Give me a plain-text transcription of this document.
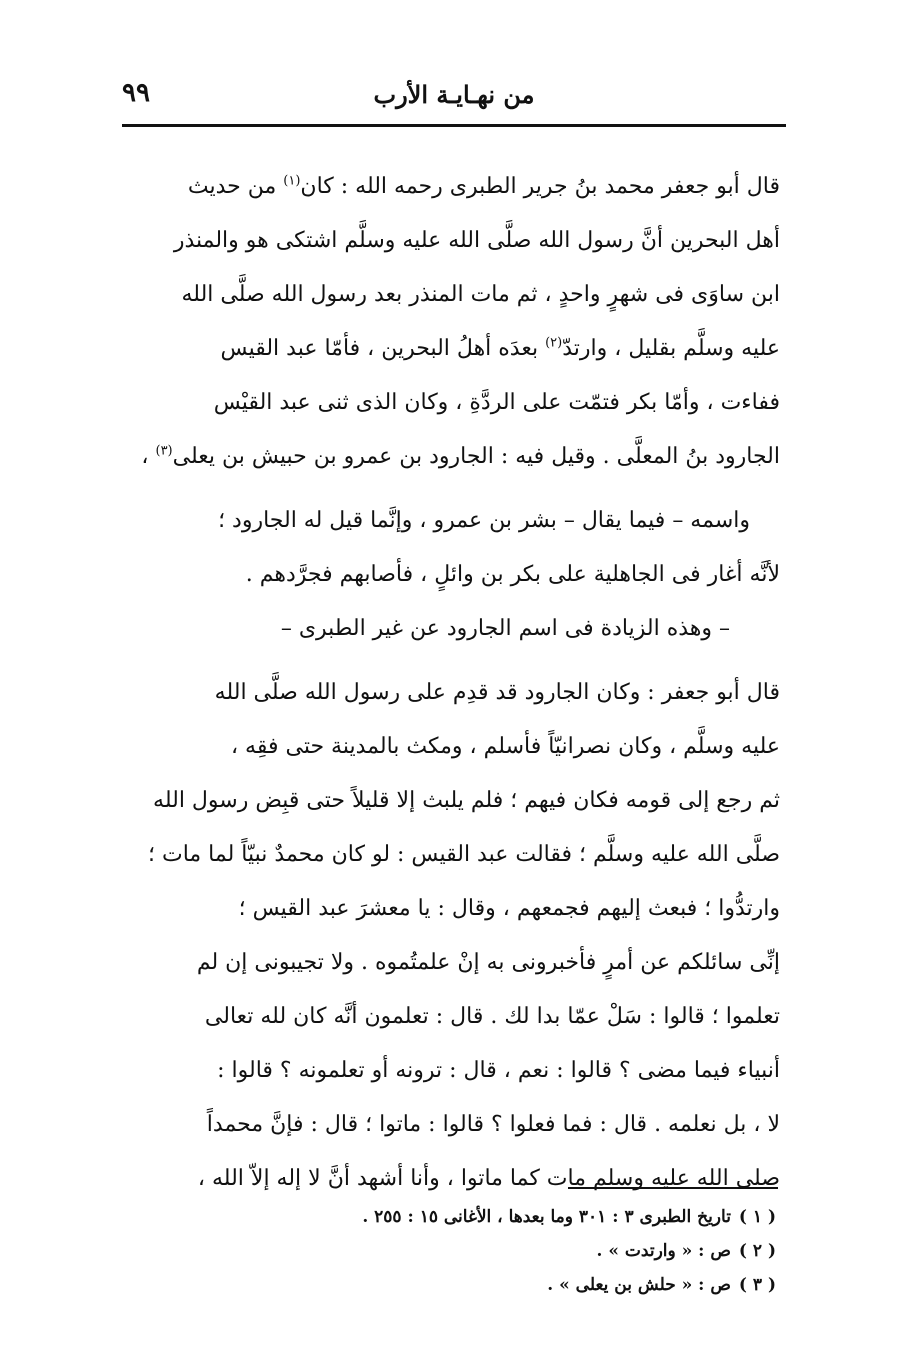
٩٩	من نهـايـة الأرب
قال أبو جعفر محمد بنُ جرير الطبرى رحمه الله : كان$^{(١)}$ من حديث
أهل البحرين أنَّ رسول الله صلَّى الله عليه وسلَّم اشتكى هو والمنذر
ابن ساوَى فى شهرٍ واحدٍ ، ثم مات المنذر بعد رسول الله صلَّى الله
عليه وسلَّم بقليل ، وارتدّ$^{(٢)}$ بعدَه أهلُ البحرين ، فأمّا عبد القيس
ففاءت ، وأمّا بكر فتمّت على الردَّةِ ، وكان الذى ثنى عبد القيْس
الجارود بنُ المعلَّى . وقيل فيه : الجارود بن عمرو بن حبيش بن يعلى$^{(٣)}$ ،
واسمه – فيما يقال – بشر بن عمرو ، وإنَّما قيل له الجارود ؛
لأنَّه أغار فى الجاهلية على بكر بن وائلٍ ، فأصابهم فجرَّدهم .
– وهذه الزيادة فى اسم الجارود عن غير الطبرى –
قال أبو جعفر : وكان الجارود قد قدِم على رسول الله صلَّى الله
عليه وسلَّم ، وكان نصرانيّاً فأسلم ، ومكث بالمدينة حتى فقِه ،
ثم رجع إلى قومه فكان فيهم ؛ فلم يلبث إلا قليلاً حتى قبِض رسول الله
صلَّى الله عليه وسلَّم ؛ فقالت عبد القيس : لو كان محمدٌ نبيّاً لما مات ؛
وارتدُّوا ؛ فبعث إليهم فجمعهم ، وقال : يا معشرَ عبد القيس ؛
إنِّى سائلكم عن أمرٍ فأخبرونى به إنْ علمتُموه . ولا تجيبونى إن لم
تعلموا ؛ قالوا : سَلْ عمّا بدا لك . قال : تعلمون أنَّه كان لله تعالى
أنبياء فيما مضى ؟ قالوا : نعم ، قال : ترونه أو تعلمونه ؟ قالوا :
لا ، بل نعلمه . قال : فما فعلوا ؟ قالوا : ماتوا ؛ قال : فإنَّ محمداً
صلى الله عليه وسلم مات كما ماتوا ، وأنا أشهد أنَّ لا إله إلاّ الله ،
( ١ )تاريخ الطبرى ٣ : ٣٠١ وما بعدها ، الأغانى ١٥ : ٢٥٥ .
( ٢ )ص : « وارتدت » .
( ٣ )ص : « حلش بن يعلى » .
